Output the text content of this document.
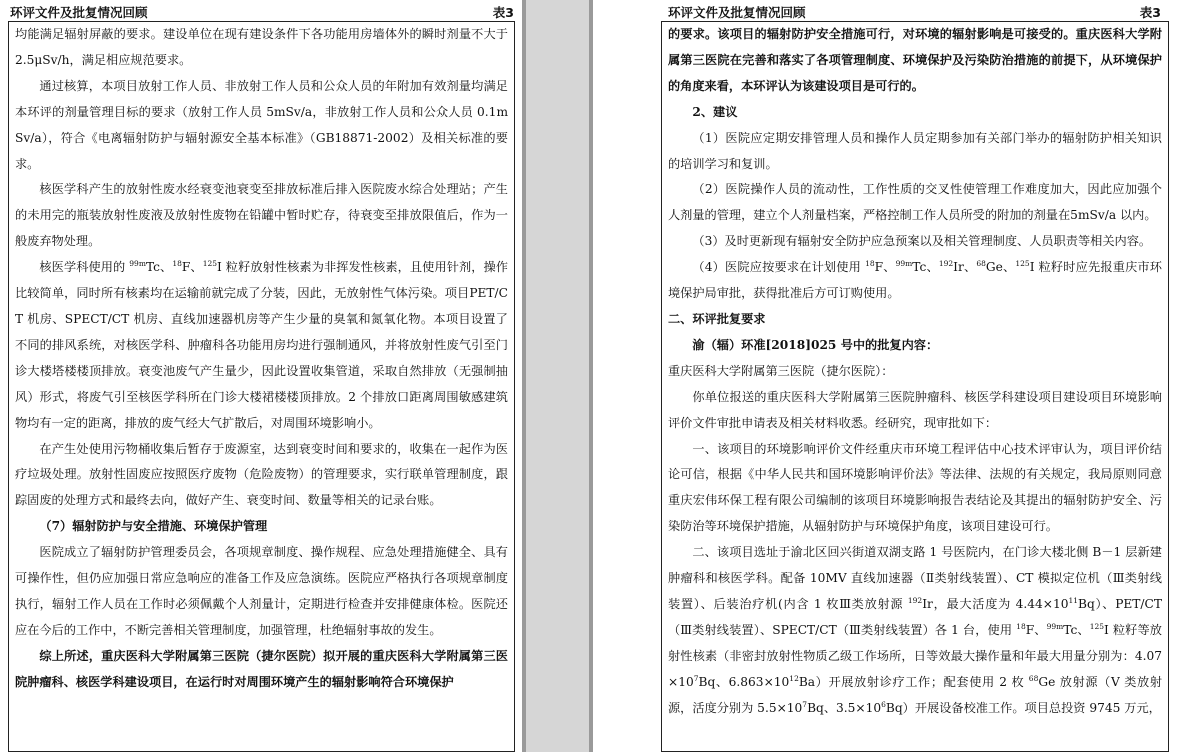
环评文件及批复情况回顾	表3

均能满足辐射屏蔽的要求。建设单位在现有建设条件下各功能用房墙体外的瞬时剂量不大于 2.5μSv/h，满足相应规范要求。

通过核算，本项目放射工作人员、非放射工作人员和公众人员的年附加有效剂量均满足本环评的剂量管理目标的要求（放射工作人员 5mSv/a，非放射工作人员和公众人员 0.1mSv/a），符合《电离辐射防护与辐射源安全基本标准》（GB18871-2002）及相关标准的要求。

核医学科产生的放射性废水经衰变池衰变至排放标准后排入医院废水综合处理站；产生的未用完的瓶装放射性废液及放射性废物在铅罐中暂时贮存，待衰变至排放限值后，作为一般废弃物处理。

核医学科使用的 $^{99m}$Tc、$^{18}$F、$^{125}$I 粒籽放射性核素为非挥发性核素，且使用针剂，操作比较简单，同时所有核素均在运输前就完成了分装，因此，无放射性气体污染。项目PET/CT 机房、SPECT/CT 机房、直线加速器机房等产生少量的臭氧和氮氧化物。本项目设置了不同的排风系统，对核医学科、肿瘤科各功能用房均进行强制通风，并将放射性废气引至门诊大楼塔楼楼顶排放。衰变池废气产生量少，因此设置收集管道，采取自然排放（无强制抽风）形式，将废气引至核医学科所在门诊大楼裙楼楼顶排放。2 个排放口距离周围敏感建筑物均有一定的距离，排放的废气经大气扩散后，对周围环境影响小。

在产生处使用污物桶收集后暂存于废源室，达到衰变时间和要求的，收集在一起作为医疗垃圾处理。放射性固废应按照医疗废物（危险废物）的管理要求，实行联单管理制度，跟踪固废的处理方式和最终去向，做好产生、衰变时间、数量等相关的记录台账。

（7）辐射防护与安全措施、环境保护管理

医院成立了辐射防护管理委员会，各项规章制度、操作规程、应急处理措施健全、具有可操作性，但仍应加强日常应急响应的准备工作及应急演练。医院应严格执行各项规章制度执行，辐射工作人员在工作时必须佩戴个人剂量计，定期进行检查并安排健康体检。医院还应在今后的工作中，不断完善相关管理制度，加强管理，杜绝辐射事故的发生。

综上所述，重庆医科大学附属第三医院（捷尔医院）拟开展的重庆医科大学附属第三医院肿瘤科、核医学科建设项目，在运行时对周围环境产生的辐射影响符合环境保护

环评文件及批复情况回顾	表3

的要求。该项目的辐射防护安全措施可行，对环境的辐射影响是可接受的。重庆医科大学附属第三医院在完善和落实了各项管理制度、环境保护及污染防治措施的前提下，从环境保护的角度来看，本环评认为该建设项目是可行的。

2、建议

（1）医院应定期安排管理人员和操作人员定期参加有关部门举办的辐射防护相关知识的培训学习和复训。

（2）医院操作人员的流动性，工作性质的交叉性使管理工作难度加大，因此应加强个人剂量的管理，建立个人剂量档案，严格控制工作人员所受的附加的剂量在5mSv/a 以内。

（3）及时更新现有辐射安全防护应急预案以及相关管理制度、人员职责等相关内容。

（4）医院应按要求在计划使用 $^{18}$F、$^{99m}$Tc、$^{192}$Ir、$^{68}$Ge、$^{125}$I 粒籽时应先报重庆市环境保护局审批，获得批准后方可订购使用。

二、环评批复要求

渝（辐）环准[2018]025 号中的批复内容：

重庆医科大学附属第三医院（捷尔医院）：

你单位报送的重庆医科大学附属第三医院肿瘤科、核医学科建设项目建设项目环境影响评价文件审批申请表及相关材料收悉。经研究，现审批如下：

一、该项目的环境影响评价文件经重庆市环境工程评估中心技术评审认为，项目评价结论可信，根据《中华人民共和国环境影响评价法》等法律、法规的有关规定，我局原则同意重庆宏伟环保工程有限公司编制的该项目环境影响报告表结论及其提出的辐射防护安全、污染防治等环境保护措施，从辐射防护与环境保护角度，该项目建设可行。

二、该项目选址于渝北区回兴街道双湖支路 1 号医院内，在门诊大楼北侧 B－1 层新建肿瘤科和核医学科。配备 10MV 直线加速器（Ⅱ类射线装置）、CT 模拟定位机（Ⅲ类射线装置）、后装治疗机(内含 1 枚Ⅲ类放射源 $^{192}$Ir，最大活度为 $4.44\times 10^{11}Bq$）、PET/CT（Ⅲ类射线装置）、SPECT/CT（Ⅲ类射线装置）各 1 台，使用 $^{18}$F、$^{99m}$Tc、$^{125}$I 粒籽等放射性核素（非密封放射性物质乙级工作场所，日等效最大操作量和年最大用量分别为：$4.07\times 10^7Bq$、$6.863\times 10^{12}Ba$）开展放射诊疗工作；配套使用 2 枚 $^{68}$Ge 放射源（V 类放射源，活度分别为 $5.5\times 10^7Bq$、$3.5\times 10^6Bq$）开展设备校准工作。项目总投资 9745 万元，
